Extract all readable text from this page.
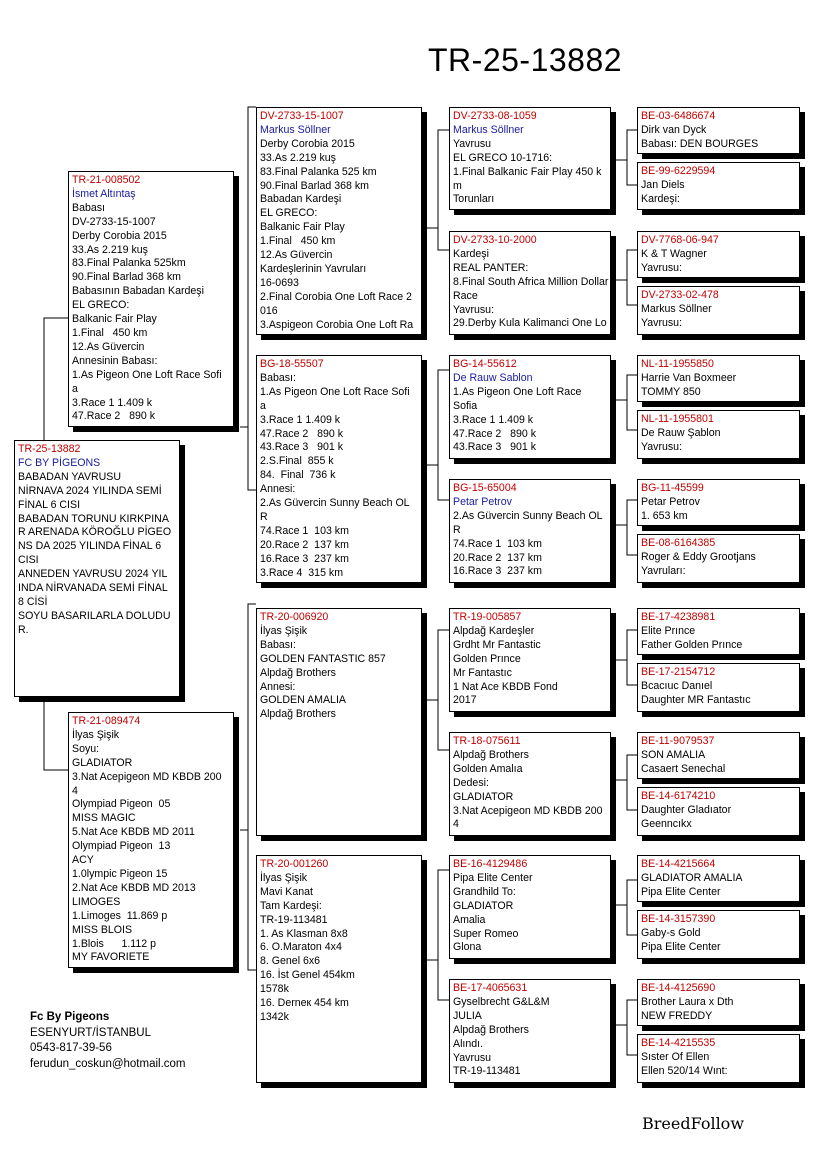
TR-25-13882
TR-25-13882
FC BY PİGEONS
BABADAN YAVRUSU
NİRNAVA 2024 YILINDA SEMİ
FİNAL 6 CISI
BABADAN TORUNU KIRKPINA
R ARENADA KÖROĞLU PİGEO
NS DA 2025 YILINDA FİNAL 6
CISI
ANNEDEN YAVRUSU 2024 YIL
INDA NİRVANADA SEMİ FİNAL
8 CİSİ
SOYU BASARILARLA DOLUDU
R.
TR-21-008502
İsmet Altıntaş
Babası
DV-2733-15-1007
Derby Corobia 2015
33.As 2.219 kuş
83.Final Palanka 525km
90.Final Barlad 368 km
Babasının Babadan Kardeşi
EL GRECO:
Balkanic Fair Play
1.Final   450 km
12.As Güvercin
Annesinin Babası:
1.As Pigeon One Loft Race Sofi
a
3.Race 1 1.409 k
47.Race 2   890 k
TR-21-089474
İlyas Şişik
Soyu:
GLADIATOR
3.Nat Acepigeon MD KBDB 200
4
Olympiad Pigeon  05
MISS MAGIC
5.Nat Ace KBDB MD 2011
Olympiad Pigeon  13
ACY
1.0lympic Pigeon 15
2.Nat Ace KBDB MD 2013
LIMOGES
1.Limoges  11.869 p
MISS BLOIS
1.Blois      1.112 p
MY FAVORIETE
DV-2733-15-1007
Markus Söllner
Derby Corobia 2015
33.As 2.219 kuş
83.Final Palanka 525 km
90.Final Barlad 368 km
Babadan Kardeşi
EL GRECO:
Balkanic Fair Play
1.Final   450 km
12.As Güvercin
Kardeşlerinin Yavruları
16-0693
2.Final Corobia One Loft Race 2
016
3.Aspigeon Corobia One Loft Ra
BG-18-55507
Babası:
1.As Pigeon One Loft Race Sofi
a
3.Race 1 1.409 k
47.Race 2   890 k
43.Race 3   901 k
2.S.Final  855 k
84.  Final  736 k
Annesi:
2.As Güvercin Sunny Beach OL
R
74.Race 1  103 km
20.Race 2  137 km
16.Race 3  237 km
3.Race 4  315 km
TR-20-006920
İlyas Şişik
Babası:
GOLDEN FANTASTIC 857
Alpdağ Brothers
Annesi:
GOLDEN AMALIA
Alpdağ Brothers
TR-20-001260
İlyas Şişik
Mavi Kanat
Tam Kardeşi:
TR-19-113481
1. As Klasman 8x8
6. O.Maraton 4x4
8. Genel 6x6
16. İst Genel 454km
1578k
16. Derneк 454 km
1342k
DV-2733-08-1059
Markus Söllner
Yavrusu
EL GRECO 10-1716:
1.Final Balkanic Fair Play 450 k
m
Torunları
DV-2733-10-2000
Kardeşi
REAL PANTER:
8.Final South Africa Million Dollar
Race
Yavrusu:
29.Derby Kula Kalimanci One Lo
BG-14-55612
De Rauw Sablon
1.As Pigeon One Loft Race
Sofia
3.Race 1 1.409 k
47.Race 2   890 k
43.Race 3   901 k
BG-15-65004
Petar Petrov
2.As Güvercin Sunny Beach OL
R
74.Race 1  103 km
20.Race 2  137 km
16.Race 3  237 km
TR-19-005857
Alpdağ Kardeşler
Grdht Mr Fantastic
Golden Prınce
Mr Fantastıc
1 Nat Ace KBDB Fond
2017
TR-18-075611
Alpdağ Brothers
Golden Amalıa
Dedesi:
GLADIATOR
3.Nat Acepigeon MD KBDB 200
4
BE-16-4129486
Pipa Elite Center
Grandhild To:
GLADIATOR
Amalia
Super Romeo
Glona
BE-17-4065631
Gyselbrecht G&L&M
JULIA
Alpdağ Brothers
Alındı.
Yavrusu
TR-19-113481
BE-03-6486674
Dirk van Dyck
Babası: DEN BOURGES
BE-99-6229594
Jan Diels
Kardeşi:
DV-7768-06-947
K & T Wagner
Yavrusu:
DV-2733-02-478
Markus Söllner
Yavrusu:
NL-11-1955850
Harrie Van Boxmeer
TOMMY 850
NL-11-1955801
De Rauw Şablon
Yavrusu:
BG-11-45599
Petar Petrov
1. 653 km
BE-08-6164385
Roger & Eddy Grootjans
Yavruları:
BE-17-4238981
Elite Prınce
Father Golden Prınce
BE-17-2154712
Bcacıuc Danıel
Daughter MR Fantastıc
BE-11-9079537
SON AMALIA
Casaert Senechal
BE-14-6174210
Daughter Gladıator
Geenncıkx
BE-14-4215664
GLADIATOR AMALIA
Pipa Elite Center
BE-14-3157390
Gaby-s Gold
Pipa Elite Center
BE-14-4125690
Brother Laura x Dth
NEW FREDDY
BE-14-4215535
Sıster Of Ellen
Ellen 520/14 Wınt:
Fc By Pigeons
ESENYURT/İSTANBUL
0543-817-39-56
ferudun_coskun@hotmail.com
BreedFollow
